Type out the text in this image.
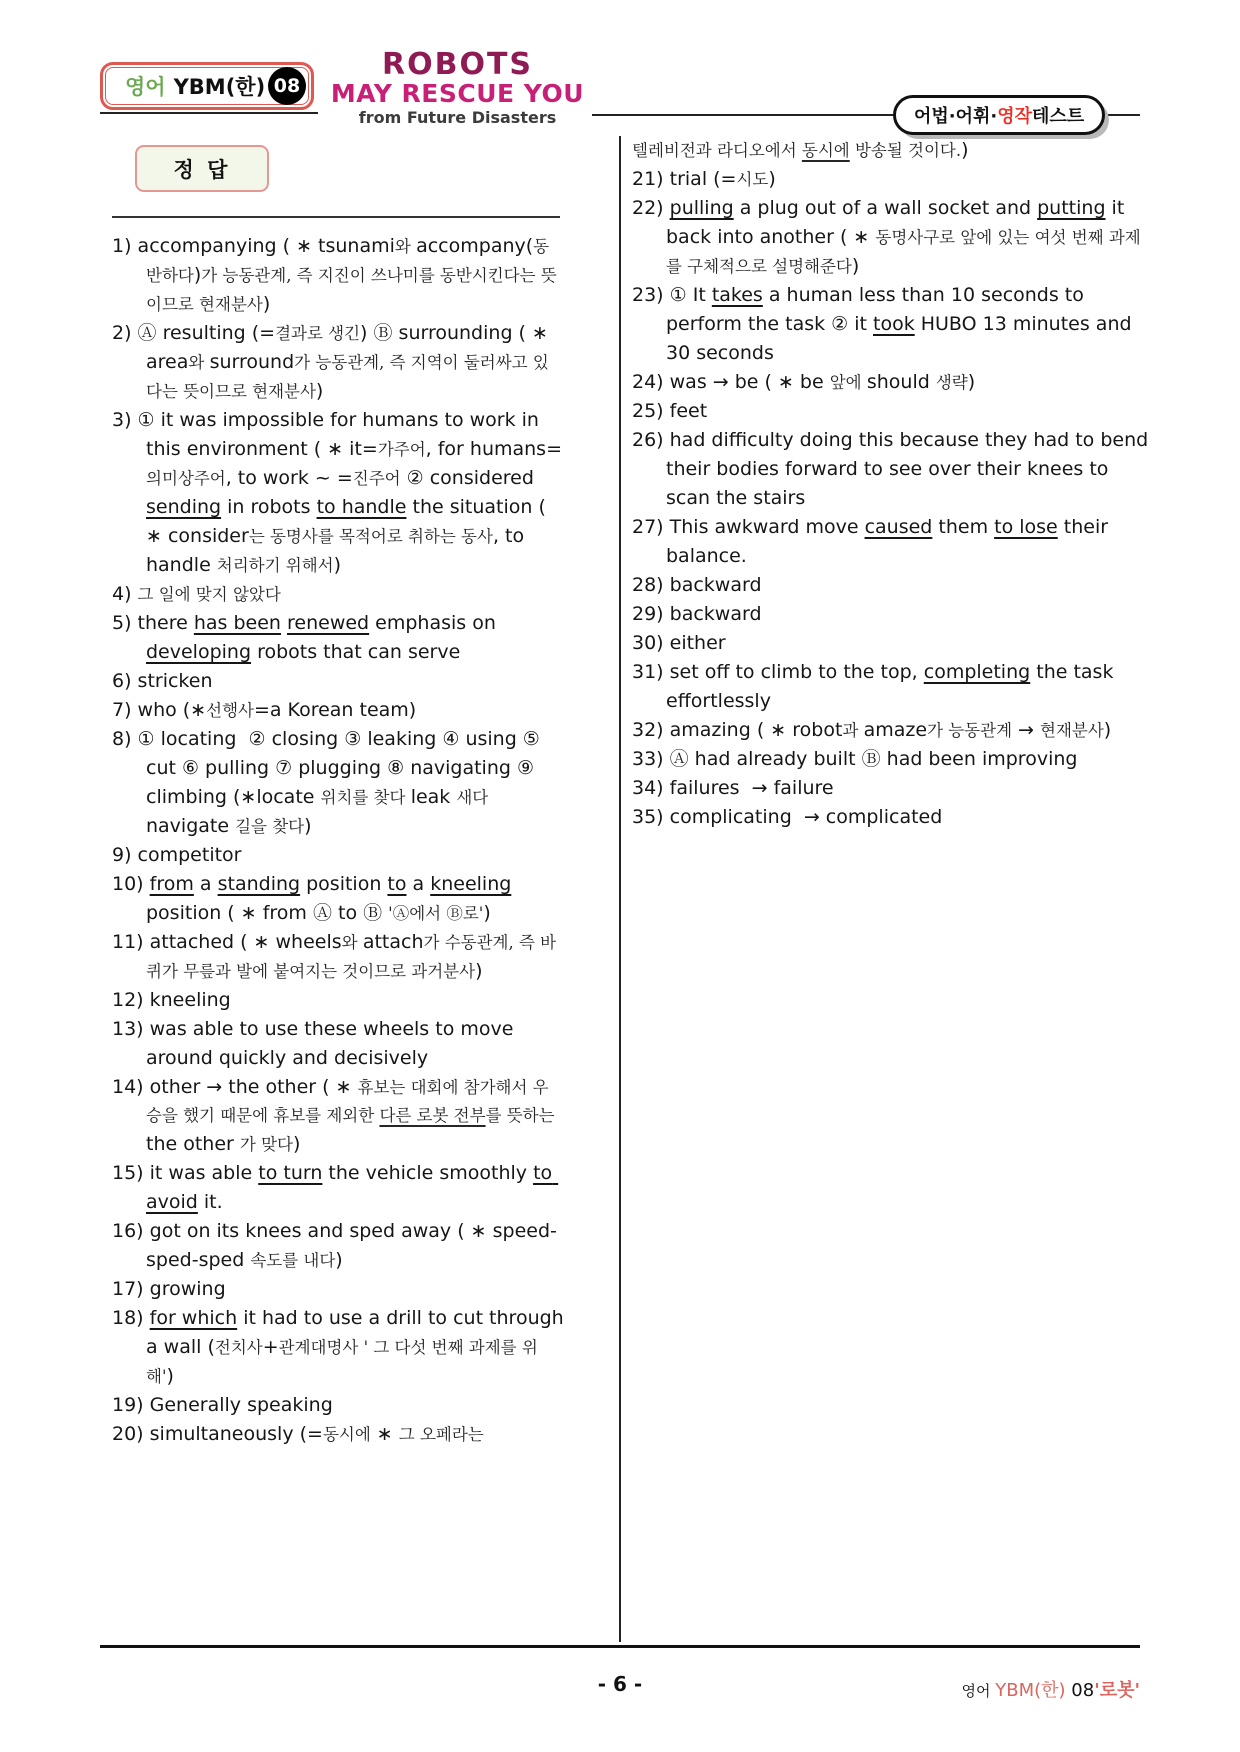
영어 YBM(한) 08
ROBOTS
MAY RESCUE YOU
from Future Disasters	어법·어휘· 영작 테스트
정 답
1) accompanying ( ∗ tsunami와 accompany(동반하다)가 능동관계, 즉 지진이 쓰나미를 동반시킨다는 뜻이므로 현재분사)
2) Ⓐ resulting (=결과로 생긴) Ⓑ surrounding ( ∗ area와 surround가 능동관계, 즉 지역이 둘러싸고 있다는 뜻이므로 현재분사)
3) ① it was impossible for humans to work in this environment ( ∗ it=가주어, for humans=의미상주어, to work ~ =진주어 ② considered sending in robots to handle the situation ( ∗ consider는 동명사를 목적어로 취하는 동사, to handle 처리하기 위해서)
4) 그 일에 맞지 않았다
5) there has been renewed emphasis on developing robots that can serve
6) stricken
7) who (∗선행사=a Korean team)
8) ① locating  ② closing ③ leaking ④ using ⑤ cut ⑥ pulling ⑦ plugging ⑧ navigating ⑨ climbing (∗locate 위치를 찾다 leak 새다 navigate 길을 찾다)
9) competitor
10) from a standing position to a kneeling position ( ∗ from Ⓐ to Ⓑ 'Ⓐ에서 Ⓑ로')
11) attached ( ∗ wheels와 attach가 수동관계, 즉 바퀴가 무릎과 발에 붙여지는 것이므로 과거분사)
12) kneeling
13) was able to use these wheels to move around quickly and decisively
14) other → the other ( ∗ 휴보는 대회에 참가해서 우승을 했기 때문에 휴보를 제외한 다른 로봇 전부를 뜻하는 the other 가 맞다)
15) it was able to turn the vehicle smoothly to avoid it.
16) got on its knees and sped away ( ∗ speed-sped-sped 속도를 내다)
17) growing
18) for which it had to use a drill to cut through a wall (전치사+관계대명사 ' 그 다섯 번째 과제를 위해')
19) Generally speaking
20) simultaneously (=동시에 ∗ 그 오페라는
텔레비전과 라디오에서 동시에 방송될 것이다.)
21) trial (=시도)
22) pulling a plug out of a wall socket and putting it back into another ( ∗ 동명사구로 앞에 있는 여섯 번째 과제를 구체적으로 설명해준다)
23) ① It takes a human less than 10 seconds to perform the task ② it took HUBO 13 minutes and 30 seconds
24) was → be ( ∗ be 앞에 should 생략)
25) feet
26) had difficulty doing this because they had to bend their bodies forward to see over their knees to scan the stairs
27) This awkward move caused them to lose their balance.
28) backward
29) backward
30) either
31) set off to climb to the top, completing the task effortlessly
32) amazing ( ∗ robot과 amaze가 능동관계 → 현재분사)
33) Ⓐ had already built Ⓑ had been improving
34) failures  → failure
35) complicating  → complicated
- 6 -	영어 YBM(한) 08'로봇'
